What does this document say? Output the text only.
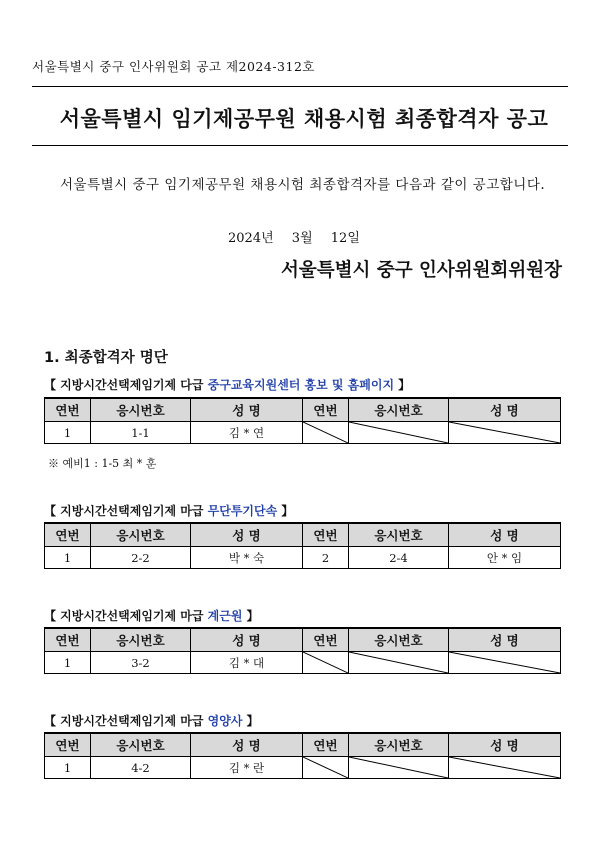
서울특별시 중구 인사위원회 공고 제2024-312호
서울특별시 임기제공무원 채용시험 최종합격자 공고
서울특별시 중구 임기제공무원 채용시험 최종합격자를 다음과 같이 공고합니다.
2024년 3월 12일
서울특별시 중구 인사위원회위원장
1. 최종합격자 명단
【 지방시간선택제임기제 다급 중구교육지원센터 홍보 및 홈페이지 】
연번	응시번호	성 명	연번	응시번호	성 명
1	1-1	김 * 연	

※ 예비1 : 1-5 최 * 훈
【 지방시간선택제임기제 마급 무단투기단속 】
연번	응시번호	성 명	연번	응시번호	성 명
1	2-2	박 * 숙	2	2-4	안 * 임
【 지방시간선택제임기제 마급 계근원 】
연번	응시번호	성 명	연번	응시번호	성 명
1	3-2	김 * 대	

【 지방시간선택제임기제 마급 영양사 】
연번	응시번호	성 명	연번	응시번호	성 명
1	4-2	김 * 란	
